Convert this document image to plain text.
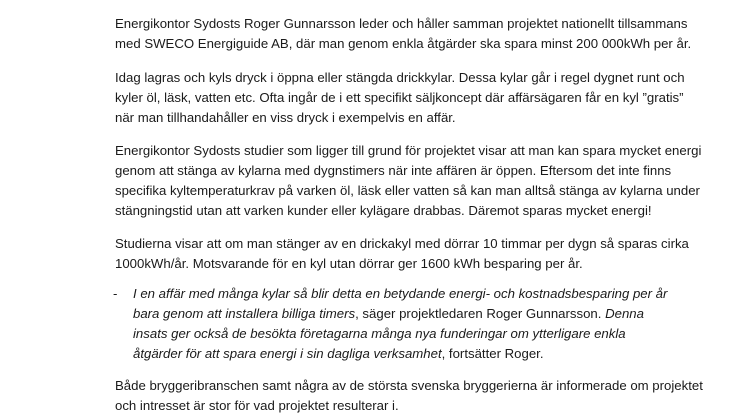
Energikontor Sydosts Roger Gunnarsson leder och håller samman projektet nationellt tillsammans
med SWECO Energiguide AB, där man genom enkla åtgärder ska spara minst 200 000kWh per år.
Idag lagras och kyls dryck i öppna eller stängda drickkylar. Dessa kylar går i regel dygnet runt och
kyler öl, läsk, vatten etc. Ofta ingår de i ett specifikt säljkoncept där affärsägaren får en kyl ”gratis”
när man tillhandahåller en viss dryck i exempelvis en affär.
Energikontor Sydosts studier som ligger till grund för projektet visar att man kan spara mycket energi
genom att stänga av kylarna med dygnstimers när inte affären är öppen. Eftersom det inte finns
specifika kyltemperaturkrav på varken öl, läsk eller vatten så kan man alltså stänga av kylarna under
stängningstid utan att varken kunder eller kylägare drabbas. Däremot sparas mycket energi!
Studierna visar att om man stänger av en drickakyl med dörrar 10 timmar per dygn så sparas cirka
1000kWh/år. Motsvarande för en kyl utan dörrar ger 1600 kWh besparing per år.
- I en affär med många kylar så blir detta en betydande energi- och kostnadsbesparing per år
bara genom att installera billiga timers, säger projektledaren Roger Gunnarsson. Denna
insats ger också de besökta företagarna många nya funderingar om ytterligare enkla
åtgärder för att spara energi i sin dagliga verksamhet, fortsätter Roger.
Både bryggeribranschen samt några av de största svenska bryggerierna är informerade om projektet
och intresset är stor för vad projektet resulterar i.
